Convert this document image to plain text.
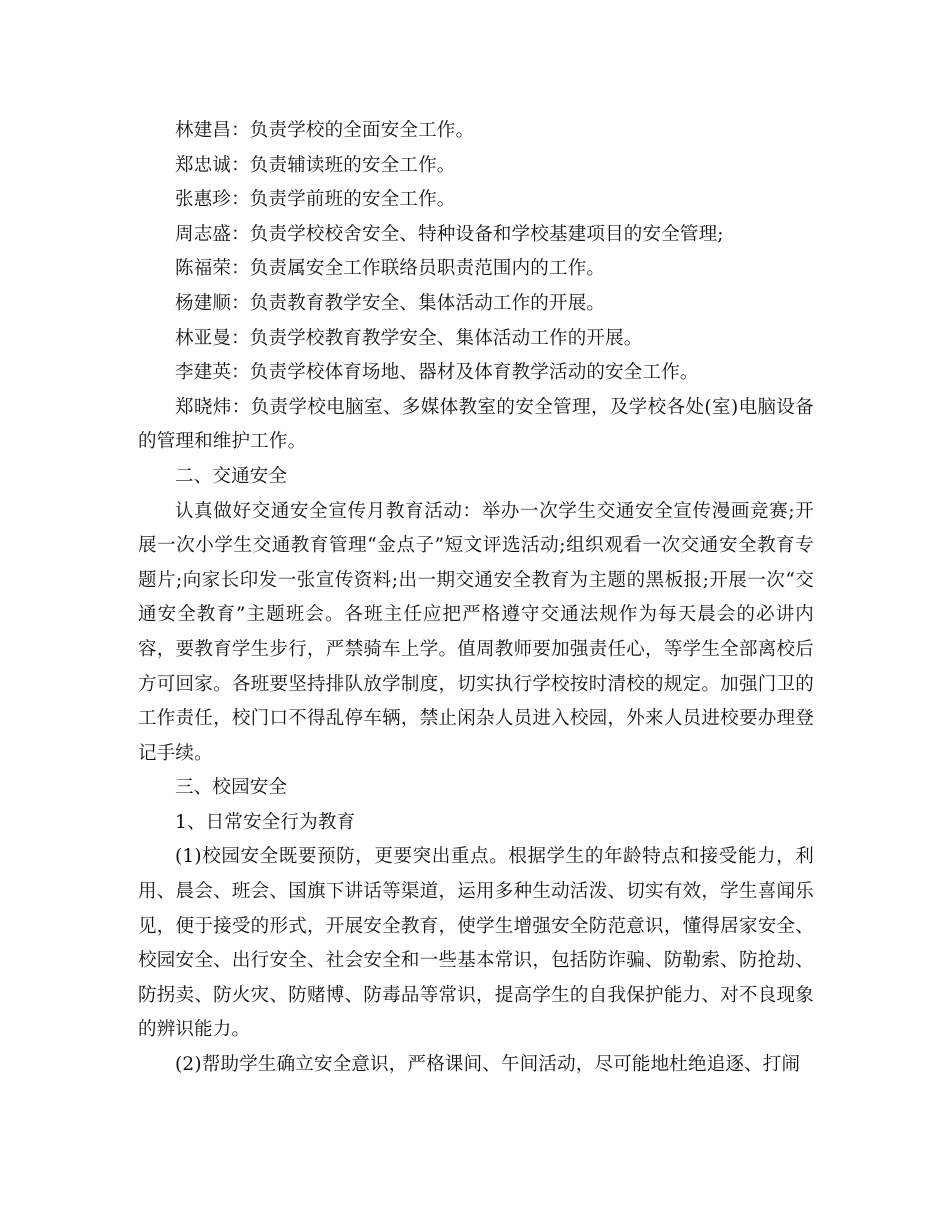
林建昌：负责学校的全面安全工作。

郑忠诚：负责辅读班的安全工作。

张惠珍：负责学前班的安全工作。

周志盛：负责学校校舍安全、特种设备和学校基建项目的安全管理;

陈福荣：负责属安全工作联络员职责范围内的工作。

杨建顺：负责教育教学安全、集体活动工作的开展。

林亚曼：负责学校教育教学安全、集体活动工作的开展。

李建英：负责学校体育场地、器材及体育教学活动的安全工作。

郑晓炜：负责学校电脑室、多媒体教室的安全管理，及学校各处(室)电脑设备的管理和维护工作。

二、交通安全

认真做好交通安全宣传月教育活动：举办一次学生交通安全宣传漫画竞赛;开展一次小学生交通教育管理“金点子”短文评选活动;组织观看一次交通安全教育专题片;向家长印发一张宣传资料;出一期交通安全教育为主题的黑板报;开展一次“交通安全教育”主题班会。各班主任应把严格遵守交通法规作为每天晨会的必讲内容，要教育学生步行，严禁骑车上学。值周教师要加强责任心，等学生全部离校后方可回家。各班要坚持排队放学制度，切实执行学校按时清校的规定。加强门卫的工作责任，校门口不得乱停车辆，禁止闲杂人员进入校园，外来人员进校要办理登记手续。

三、校园安全

1、日常安全行为教育

(1)校园安全既要预防，更要突出重点。根据学生的年龄特点和接受能力，利用、晨会、班会、国旗下讲话等渠道，运用多种生动活泼、切实有效，学生喜闻乐见，便于接受的形式，开展安全教育，使学生增强安全防范意识，懂得居家安全、校园安全、出行安全、社会安全和一些基本常识，包括防诈骗、防勒索、防抢劫、防拐卖、防火灾、防赌博、防毒品等常识，提高学生的自我保护能力、对不良现象的辨识能力。

(2)帮助学生确立安全意识，严格课间、午间活动，尽可能地杜绝追逐、打闹
